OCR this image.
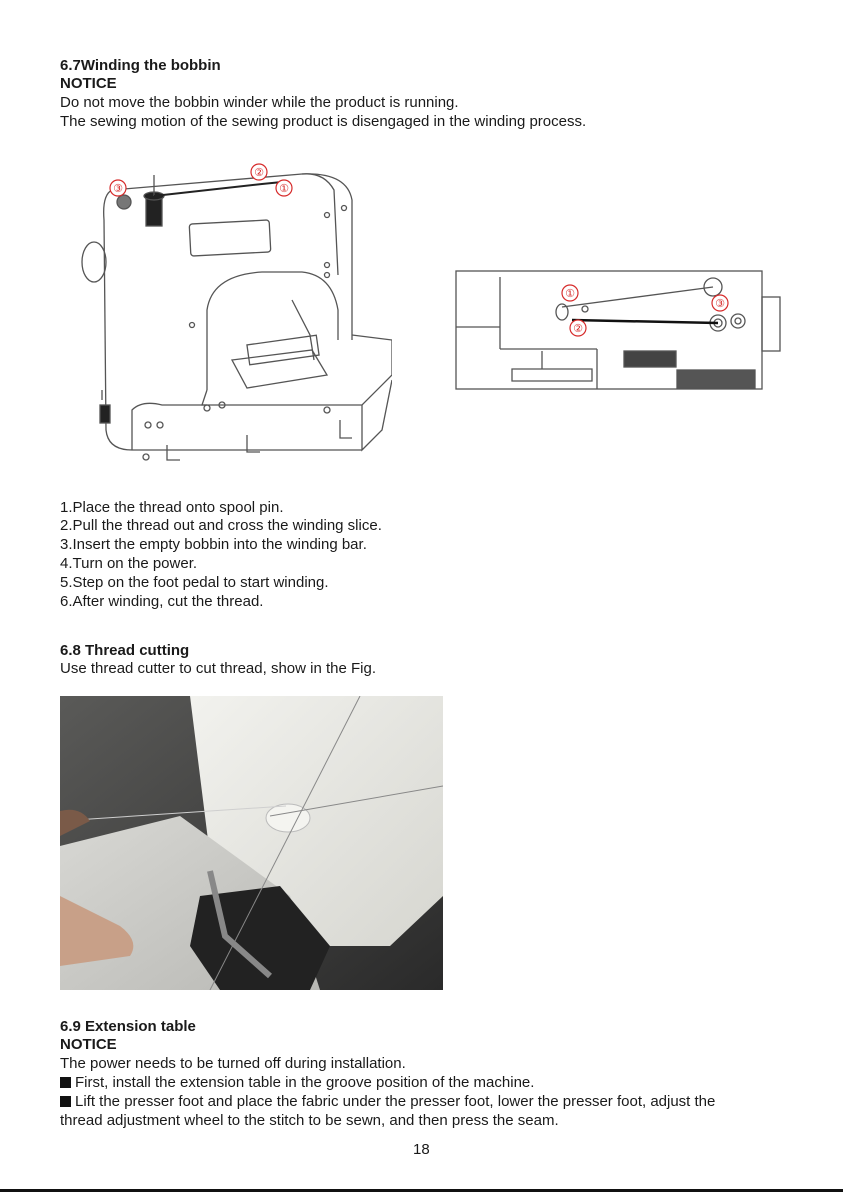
6.7Winding the bobbin
NOTICE
Do not move the bobbin winder while the product is running.
The sewing motion of the sewing product is disengaged in the winding process.
③
②
①
①
②
③
1.Place the thread onto spool pin.
2.Pull the thread out and cross the winding slice.
3.Insert the empty bobbin into the winding bar.
4.Turn on the power.
5.Step on the foot pedal to start winding.
6.After winding, cut the thread.
6.8 Thread cutting
Use thread cutter to cut thread, show in the Fig.
6.9 Extension table
NOTICE
The power needs to be turned off during installation.
First, install the extension table in the groove position of the machine.
Lift the presser foot and place the fabric under the presser foot, lower the presser foot, adjust the
thread adjustment wheel to the stitch to be sewn, and then press the seam.
18
